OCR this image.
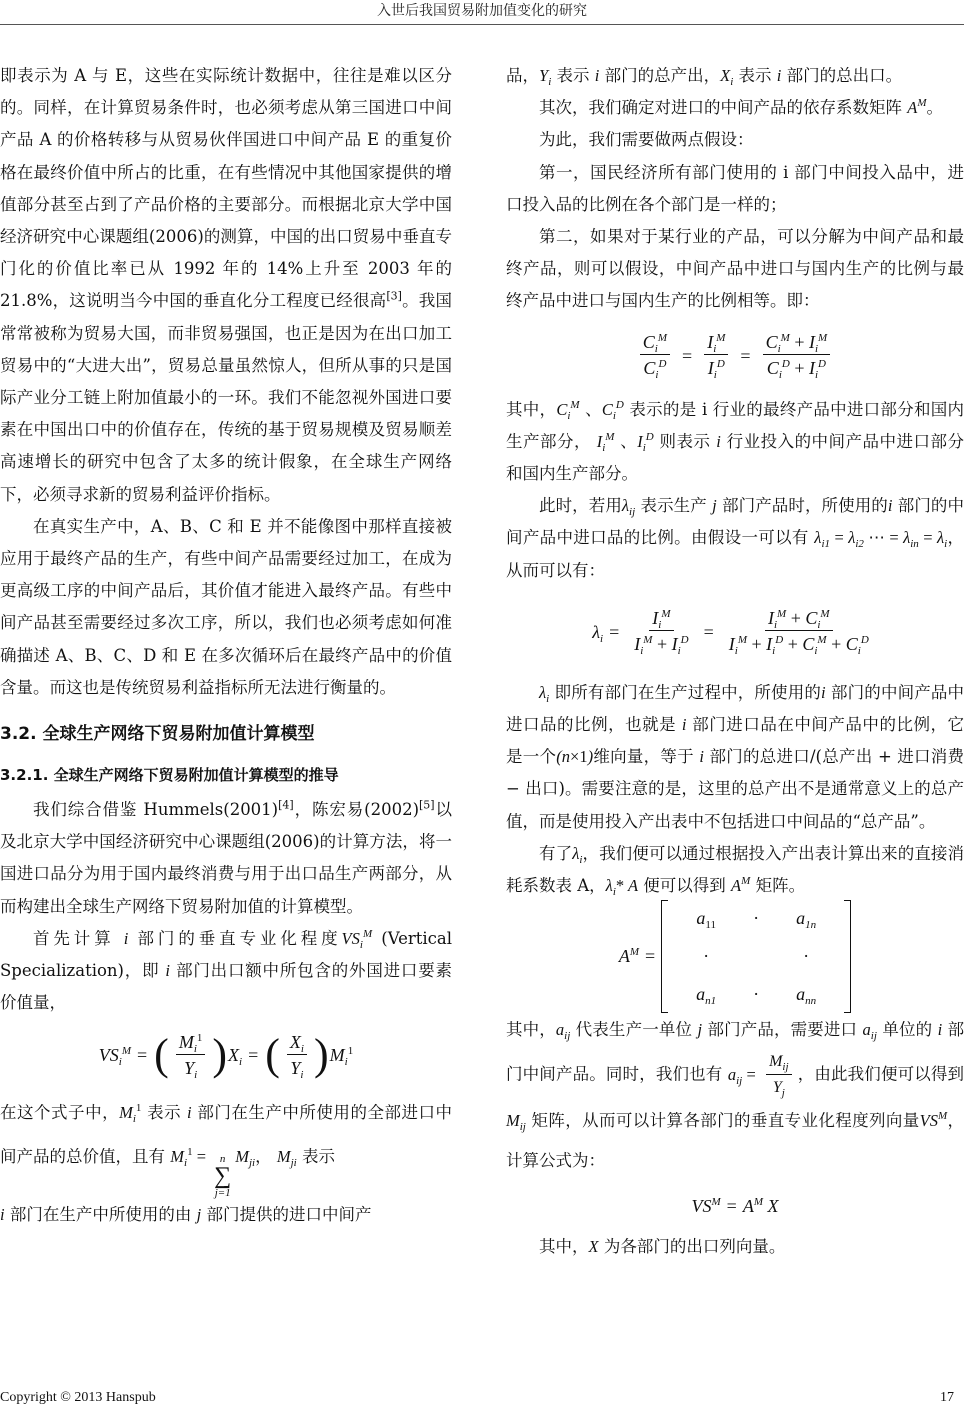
入世后我国贸易附加值变化的研究

即表示为 A 与 E，这些在实际统计数据中，往往是难以区分的。同样，在计算贸易条件时，也必须考虑从第三国进口中间产品 A 的价格转移与从贸易伙伴国进口中间产品 E 的重复价格在最终价值中所占的比重，在有些情况中其他国家提供的增值部分甚至占到了产品价格的主要部分。而根据北京大学中国经济研究中心课题组(2006)的测算，中国的出口贸易中垂直专门化的价值比率已从 1992 年的 14%上升至 2003 年的 21.8%，这说明当今中国的垂直化分工程度已经很高[3]。我国常常被称为贸易大国，而非贸易强国，也正是因为在出口加工贸易中的“大进大出”，贸易总量虽然惊人，但所从事的只是国际产业分工链上附加值最小的一环。我们不能忽视外国进口要素在中国出口中的价值存在，传统的基于贸易规模及贸易顺差高速增长的研究中包含了太多的统计假象，在全球生产网络下，必须寻求新的贸易利益评价指标。

在真实生产中，A、B、C 和 E 并不能像图中那样直接被应用于最终产品的生产，有些中间产品需要经过加工，在成为更高级工序的中间产品后，其价值才能进入最终产品。有些中间产品甚至需要经过多次工序，所以，我们也必须考虑如何准确描述 A、B、C、D 和 E 在多次循环后在最终产品中的价值含量。而这也是传统贸易利益指标所无法进行衡量的。

3.2. 全球生产网络下贸易附加值计算模型
3.2.1. 全球生产网络下贸易附加值计算模型的推导

我们综合借鉴 Hummels(2001)[4]，陈宏易(2002)[5]以及北京大学中国经济研究中心课题组(2006)的计算方法，将一国进口品分为用于国内最终消费与用于出口品生产两部分，从而构建出全球生产网络下贸易附加值的计算模型。

首先计算 i 部门的垂直专业化程度$VS_i^M$ (Vertical Specialization)，即 i 部门出口额中所包含的外国进口要素价值量，

$VS_i^M$ = ( $\frac{M_i^1}{Y_i}$ ) $X_i$ = ( $\frac{X_i}{Y_i}$ ) $M_i^1$

在这个式子中，$M_i^1$ 表示 i 部门在生产中所使用的全部进口中间产品的总价值，且有 $M_i^1 = n$
∑
j=1
$M_{ji}$， $M_{ji}$ 表示

i 部门在生产中所使用的由 j 部门提供的进口中间产

品，$Y_i$ 表示 i 部门的总产出，$X_i$ 表示 i 部门的总出口。

其次，我们确定对进口的中间产品的依存系数矩阵 $A^M$。

为此，我们需要做两点假设：

第一，国民经济所有部门使用的 i 部门中间投入品中，进口投入品的比例在各个部门是一样的；

第二，如果对于某行业的产品，可以分解为中间产品和最终产品，则可以假设，中间产品中进口与国内生产的比例与最终产品中进口与国内生产的比例相等。即：

$\frac{C_i^M}{C_i^D} = \frac{I_i^M}{I_i^D} = \frac{C_i^M + I_i^M}{C_i^D + I_i^D}$

其中，$C_i^M$ 、$C_i^D$ 表示的是 i 行业的最终产品中进口部分和国内生产部分， $I_i^M$ 、$I_i^D$ 则表示 i 行业投入的中间产品中进口部分和国内生产部分。

此时，若用$\lambda_{ij}$ 表示生产 j 部门产品时，所使用的i 部门的中间产品中进口品的比例。由假设一可以有 $\lambda_{i1} = \lambda_{i2}$ ⋯ = $\lambda_{in} = \lambda_i$，从而可以有：

$\lambda_i = \frac{I_i^M}{I_i^M + I_i^D} = \frac{I_i^M + C_i^M}{I_i^M + I_i^D + C_i^M + C_i^D}$

$\lambda_i$ 即所有部门在生产过程中，所使用的i 部门的中间产品中进口品的比例，也就是 i 部门进口品在中间产品中的比例，它是一个(n×1)维向量，等于 i 部门的总进口/(总产出 + 进口消费 − 出口)。需要注意的是，这里的总产出不是通常意义上的总产值，而是使用投入产出表中不包括进口中间品的“总产品”。

有了$\lambda_i$，我们便可以通过根据投入产出表计算出来的直接消耗系数表 A，$\lambda_i*$ A 便可以得到 $A^M$ 矩阵。

$A^M$ =
$a_{11}$	·	$a_{1n}$
·	·
$a_{n1}$	·	$a_{nn}$

其中，$a_{ij}$ 代表生产一单位 j 部门产品，需要进口 $a_{ij}$ 单位的 i 部门中间产品。同时，我们也有 $a_{ij} = \frac{M_{ij}}{Y_j}$ ，由此我们便可以得到 $M_{ij}$ 矩阵，从而可以计算各部门的垂直专业化程度列向量$VS^M$，计算公式为：

$VS^M = A^M$ X

其中，X 为各部门的出口列向量。

Copyright © 2013 Hanspub	17
